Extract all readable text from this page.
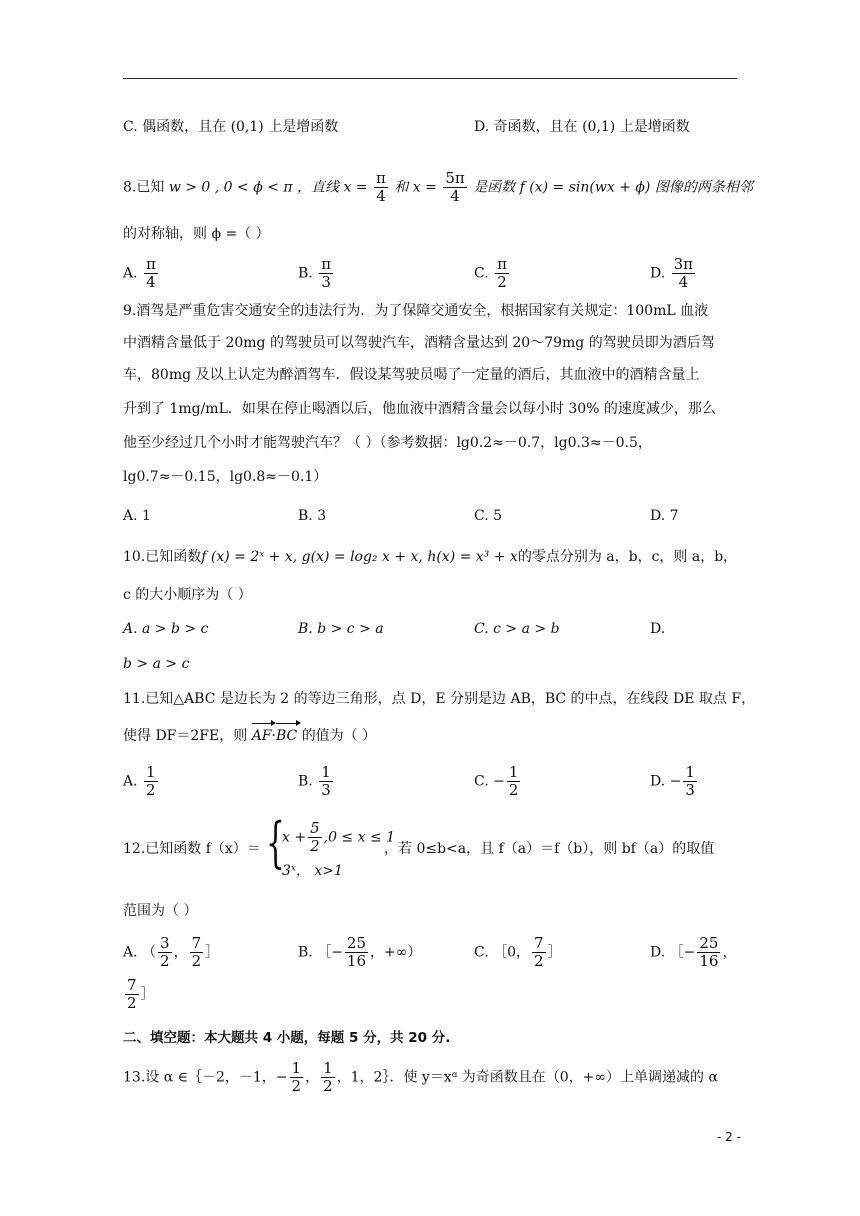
C. 偶函数，且在 (0,1) 上是增函数	D. 奇函数，且在 (0,1) 上是增函数
8.已知 w > 0 , 0 < ϕ < π ，直线 $x = \frac{\pi}{4}$ 和 $x = \frac{5\pi}{4}$ 是函数 f (x) = sin(wx + ϕ) 图像的两条相邻
的对称轴，则 ϕ =（ ）
A. $\frac{\pi}{4}$	B. $\frac{\pi}{3}$	C. $\frac{\pi}{2}$	D. $\frac{3\pi}{4}$
9.酒驾是严重危害交通安全的违法行为．为了保障交通安全，根据国家有关规定：100mL 血液
中酒精含量低于 20mg 的驾驶员可以驾驶汽车，酒精含量达到 20～79mg 的驾驶员即为酒后驾
车，80mg 及以上认定为醉酒驾车．假设某驾驶员喝了一定量的酒后，其血液中的酒精含量上
升到了 1mg/mL．如果在停止喝酒以后，他血液中酒精含量会以每小时 30% 的速度减少，那么
他至少经过几个小时才能驾驶汽车？（ ）（参考数据：lg0.2≈－0.7，lg0.3≈－0.5，
lg0.7≈－0.15，lg0.8≈－0.1）
A. 1	B. 3	C. 5	D. 7
10.已知函数f (x) = 2ˣ + x, g(x) = log₂ x + x, h(x) = x³ + x的零点分别为 a，b，c，则 a，b，
c 的大小顺序为（ ）
A. a > b > c	B. b > c > a	C. c > a > b	D.
b > a > c
11.已知△ABC 是边长为 2 的等边三角形，点 D，E 分别是边 AB，BC 的中点，在线段 DE 取点 F，
使得 DF＝2FE，则 AF·BC 的值为（ ）
A. $\frac{1}{2}$	B. $\frac{1}{3}$	C. − $\frac{1}{2}$	D. − $\frac{1}{3}$
12.已知函数 f（x）＝ {
$x + \frac{5}{2} ,0 \le x \le 1$
3ˣ， x>1
，若 0≤b<a，且 f（a）＝f（b），则 bf（a）的取值
范围为（ ）
A. （ $\frac{3}{2}$ ， $\frac{7}{2}$ ］	B. ［− $\frac{25}{16}$ ，+∞）	C. ［0， $\frac{7}{2}$ ］	D. ［− $\frac{25}{16}$ ，
$\frac{7}{2}$ ］
二、填空题：本大题共 4 小题，每题 5 分，共 20 分.
13.设 α ∈｛－2，－1，− $\frac{1}{2}$ ， $\frac{1}{2}$ ，1，2｝．使 y＝xᵅ 为奇函数且在（0，+∞）上单调递减的 α
- 2 -
